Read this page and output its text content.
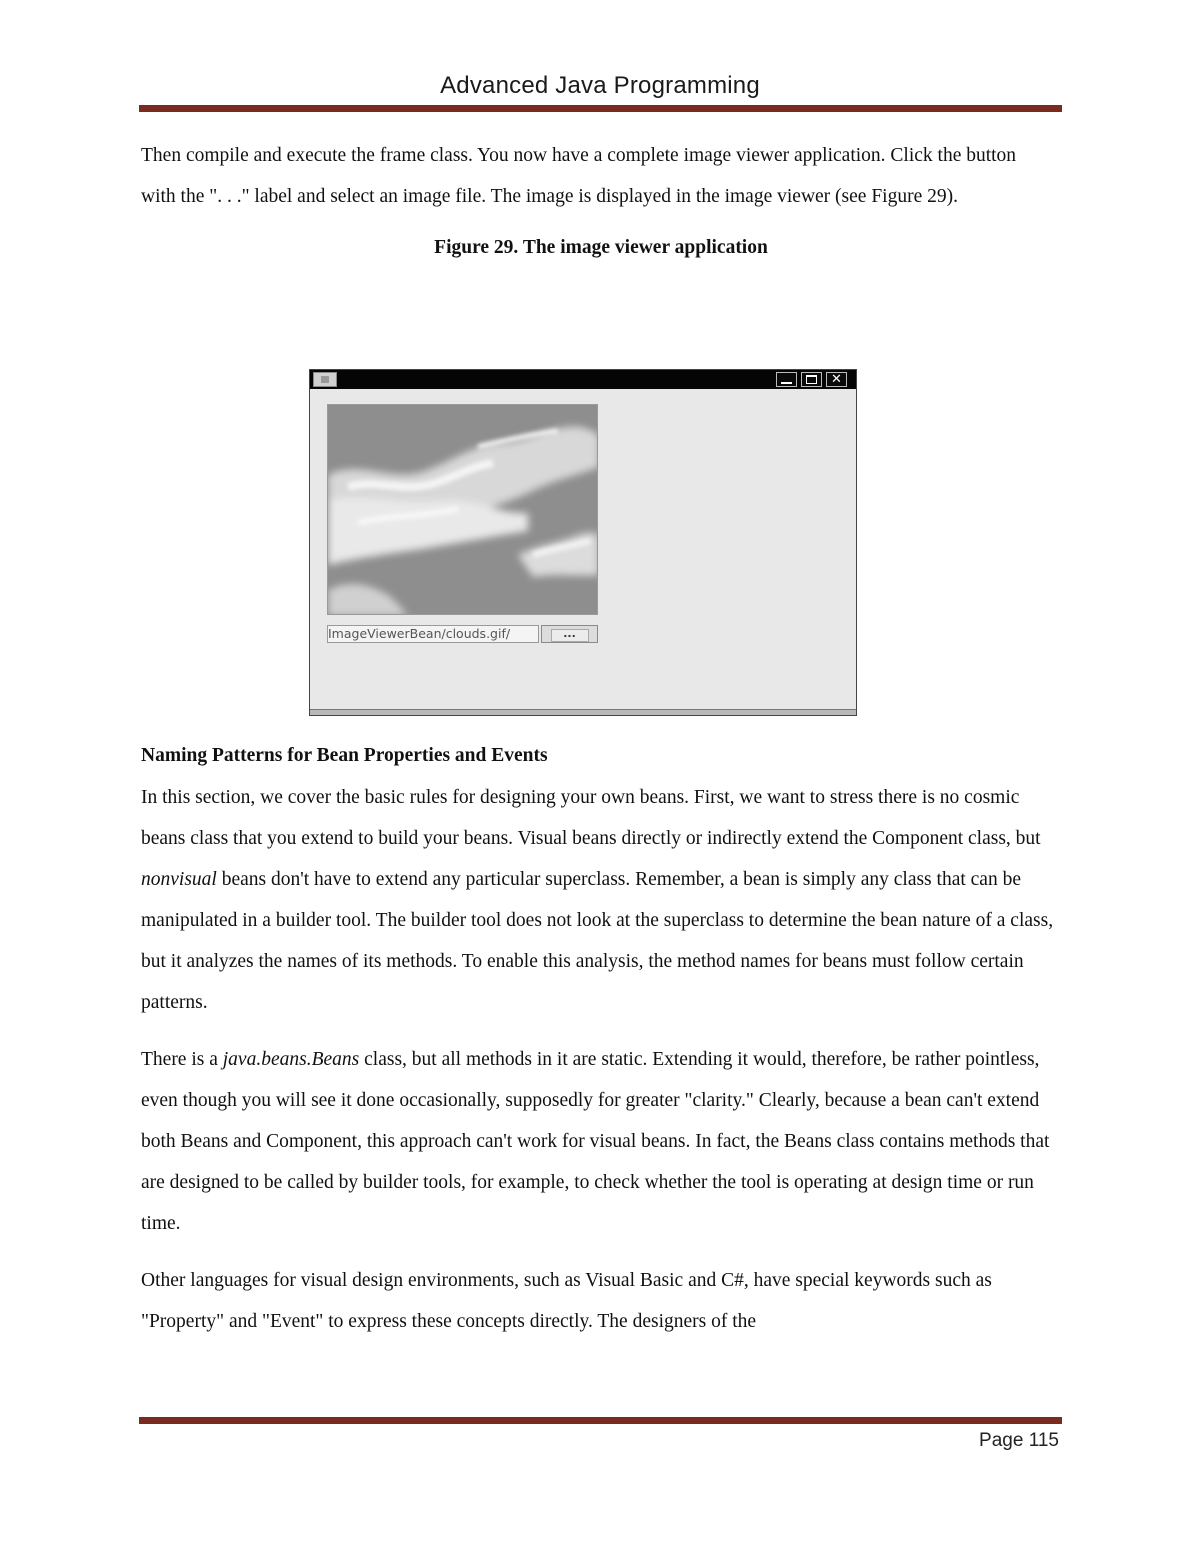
Advanced Java Programming

Then compile and execute the frame class. You now have a complete image viewer application. Click the button with the ". . ." label and select an image file. The image is displayed in the image viewer (see Figure 29).

Figure 29. The image viewer application
✕
/ImageViewerBean/clouds.gif	...
Naming Patterns for Bean Properties and Events

In this section, we cover the basic rules for designing your own beans. First, we want to stress there is no cosmic beans class that you extend to build your beans. Visual beans directly or indirectly extend the Component class, but nonvisual beans don't have to extend any particular superclass. Remember, a bean is simply any class that can be manipulated in a builder tool. The builder tool does not look at the superclass to determine the bean nature of a class, but it analyzes the names of its methods. To enable this analysis, the method names for beans must follow certain patterns.

There is a java.beans.Beans class, but all methods in it are static. Extending it would, therefore, be rather pointless, even though you will see it done occasionally, supposedly for greater "clarity." Clearly, because a bean can't extend both Beans and Component, this approach can't work for visual beans. In fact, the Beans class contains methods that are designed to be called by builder tools, for example, to check whether the tool is operating at design time or run time.

Other languages for visual design environments, such as Visual Basic and C#, have special keywords such as "Property" and "Event" to express these concepts directly. The designers of the

Page 115
